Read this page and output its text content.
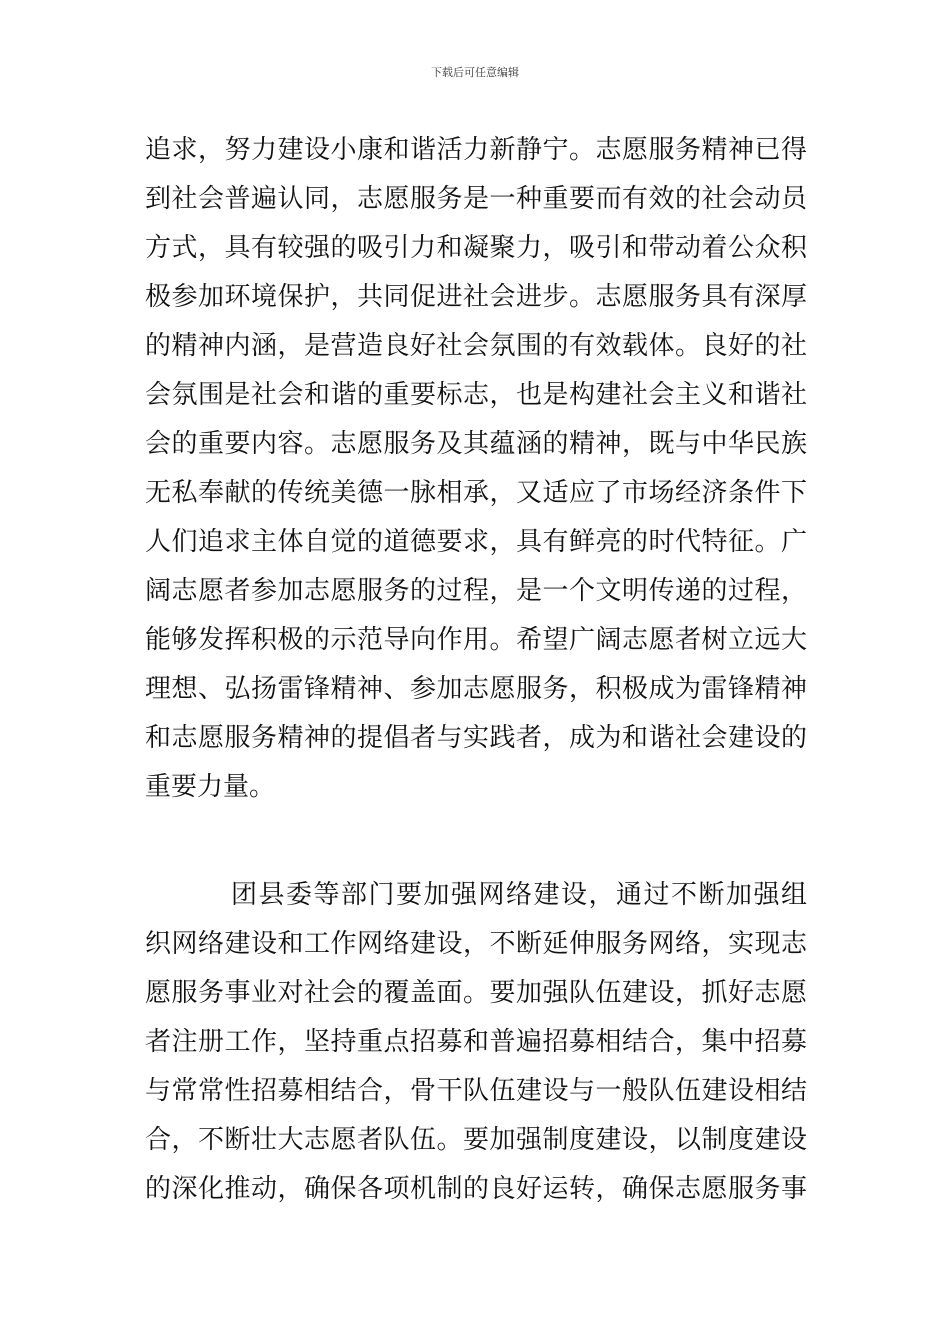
下载后可任意编辑
追求，努力建设小康和谐活力新静宁。志愿服务精神已得
到社会普遍认同，志愿服务是一种重要而有效的社会动员
方式，具有较强的吸引力和凝聚力，吸引和带动着公众积
极参加环境保护，共同促进社会进步。志愿服务具有深厚
的精神内涵，是营造良好社会氛围的有效载体。良好的社
会氛围是社会和谐的重要标志，也是构建社会主义和谐社
会的重要内容。志愿服务及其蕴涵的精神，既与中华民族
无私奉献的传统美德一脉相承，又适应了市场经济条件下
人们追求主体自觉的道德要求，具有鲜亮的时代特征。广
阔志愿者参加志愿服务的过程，是一个文明传递的过程，
能够发挥积极的示范导向作用。希望广阔志愿者树立远大
理想、弘扬雷锋精神、参加志愿服务，积极成为雷锋精神
和志愿服务精神的提倡者与实践者，成为和谐社会建设的
重要力量。
团县委等部门要加强网络建设，通过不断加强组
织网络建设和工作网络建设，不断延伸服务网络，实现志
愿服务事业对社会的覆盖面。要加强队伍建设，抓好志愿
者注册工作，坚持重点招募和普遍招募相结合，集中招募
与常常性招募相结合，骨干队伍建设与一般队伍建设相结
合，不断壮大志愿者队伍。要加强制度建设，以制度建设
的深化推动，确保各项机制的良好运转，确保志愿服务事
